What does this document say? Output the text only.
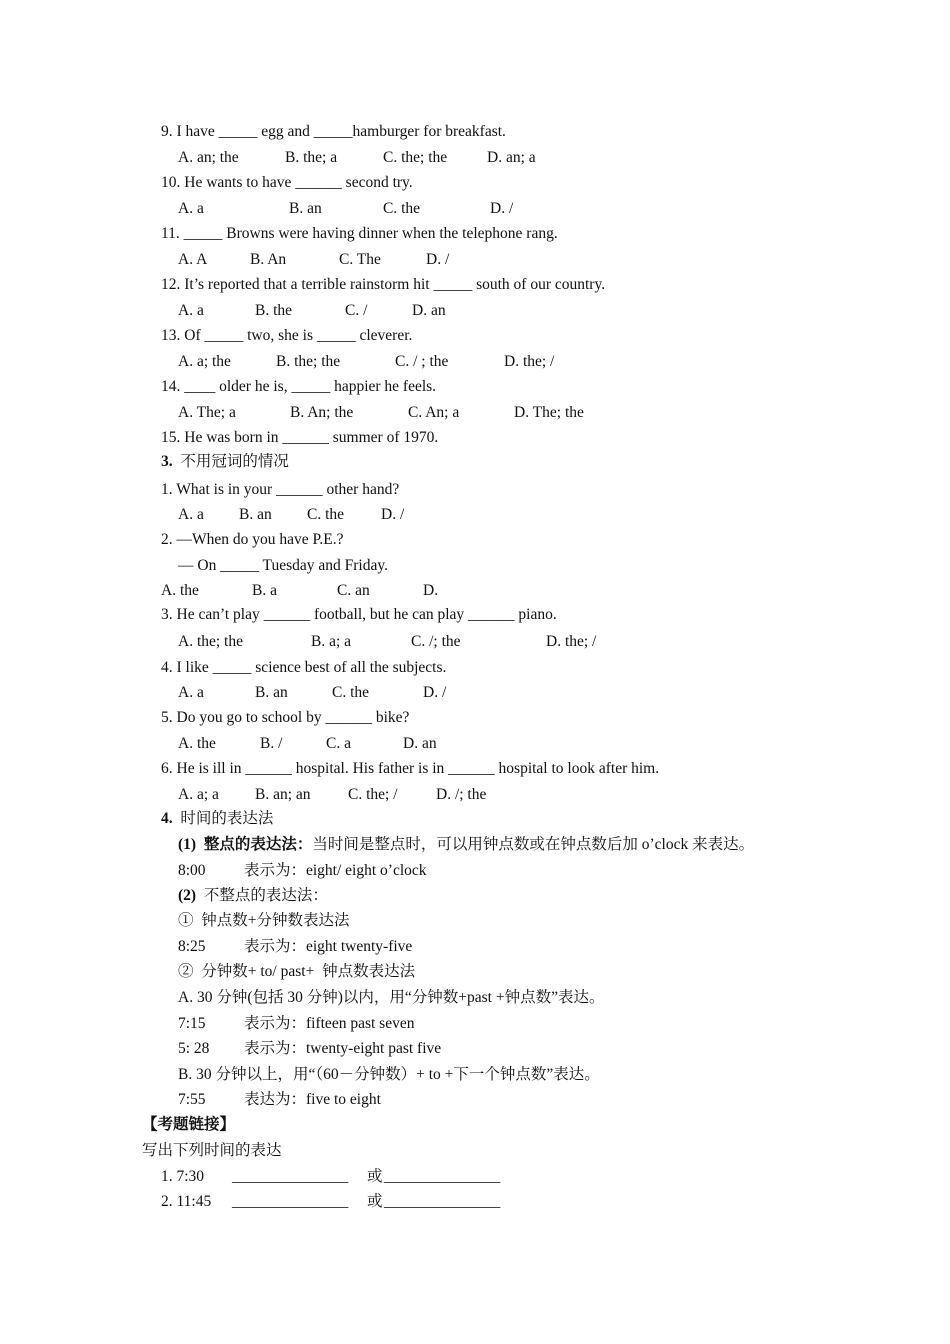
9. I have _____ egg and _____hamburger for breakfast.
A. an; the	B. the; a	C. the; the	D. an; a
10. He wants to have ______ second try.
A. a	B. an	C. the	D. /
11. _____ Browns were having dinner when the telephone rang.
A. A	B. An	C. The	D. /
12. It’s reported that a terrible rainstorm hit _____ south of our country.
A. a	B. the	C. /	D. an
13. Of _____ two, she is _____ cleverer.
A. a; the	B. the; the	C. / ; the	D. the; /
14. ____ older he is, _____ happier he feels.
A. The; a	B. An; the	C. An; a	D. The; the
15. He was born in ______ summer of 1970.
3. 不用冠词的情况
1. What is in your ______ other hand?
A. a B. an C. the D. /
2. —When do you have P.E.?
— On _____ Tuesday and Friday.
A. the	B. a	C. an	D.
3. He can’t play ______ football, but he can play ______ piano.
A. the; the	B. a; a	C. /; the	D. the; /
4. I like _____ science best of all the subjects.
A. a	B. an	C. the	D. /
5. Do you go to school by ______ bike?
A. the	B. /	C. a	D. an
6. He is ill in ______ hospital. His father is in ______ hospital to look after him.
A. a; a B. an; an C. the; / D. /; the
4. 时间的表达法
(1) 整点的表达法：当时间是整点时，可以用钟点数或在钟点数后加 o’clock 来表达。
8:00 表示为：eight/ eight o’clock
(2) 不整点的表达法：
①  钟点数+分钟数表达法
8:25 表示为：eight twenty-five
②  分钟数+ to/ past+  钟点数表达法
A. 30 分钟(包括 30 分钟)以内，用“分钟数+past +钟点数”表达。
7:15 表示为：fifteen past seven
5: 28 表示为：twenty-eight past five
B. 30 分钟以上，用“（60－分钟数）+ to +下一个钟点数”表达。
7:55 表达为：five to eight
【考题链接】
写出下列时间的表达
1. 7:30 _______________ 或 _______________
2. 11:45 _______________ 或 _______________
